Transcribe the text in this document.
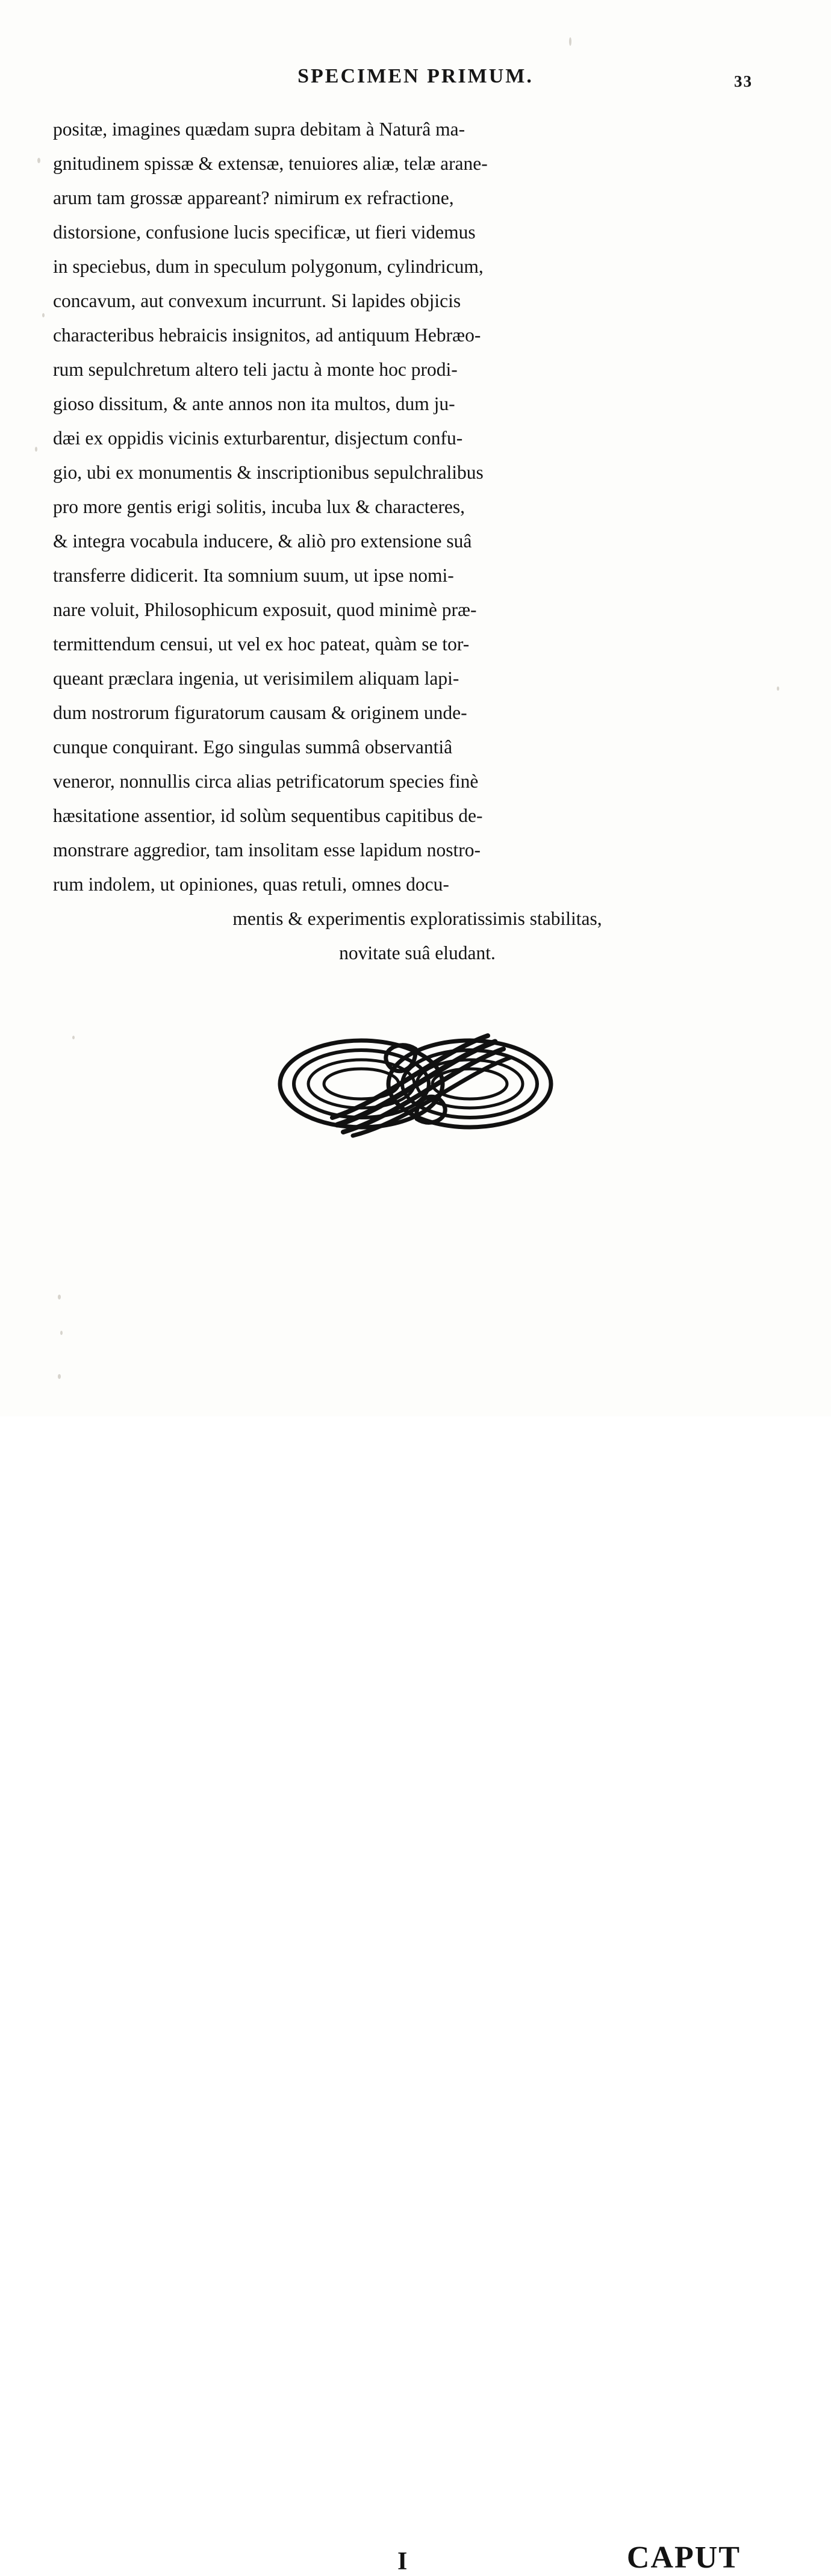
SPECIMEN PRIMUM.	33
positæ, imagines quædam supra debitam à Naturâ ma-
gnitudinem spissæ & extensæ, tenuiores aliæ, telæ arane-
arum tam grossæ appareant? nimirum ex refractione,
distorsione, confusione lucis specificæ, ut fieri videmus
in speciebus, dum in speculum polygonum, cylindricum,
concavum, aut convexum incurrunt. Si lapides objicis
characteribus hebraicis insignitos, ad antiquum Hebræo-
rum sepulchretum altero teli jactu à monte hoc prodi-
gioso dissitum, & ante annos non ita multos, dum ju-
dæi ex oppidis vicinis exturbarentur, disjectum confu-
gio, ubi ex monumentis & inscriptionibus sepulchralibus
pro more gentis erigi solitis, incuba lux & characteres,
& integra vocabula inducere, & aliò pro extensione suâ
transferre didicerit. Ita somnium suum, ut ipse nomi-
nare voluit, Philosophicum exposuit, quod minimè præ-
termittendum censui, ut vel ex hoc pateat, quàm se tor-
queant præclara ingenia, ut verisimilem aliquam lapi-
dum nostrorum figuratorum causam & originem unde-
cunque conquirant. Ego singulas summâ observantiâ
veneror, nonnullis circa alias petrificatorum species finè
hæsitatione assentior, id solùm sequentibus capitibus de-
monstrare aggredior, tam insolitam esse lapidum nostro-
rum indolem, ut opiniones, quas retuli, omnes docu-
mentis & experimentis exploratissimis stabilitas,
novitate suâ eludant.
I	CAPUT
